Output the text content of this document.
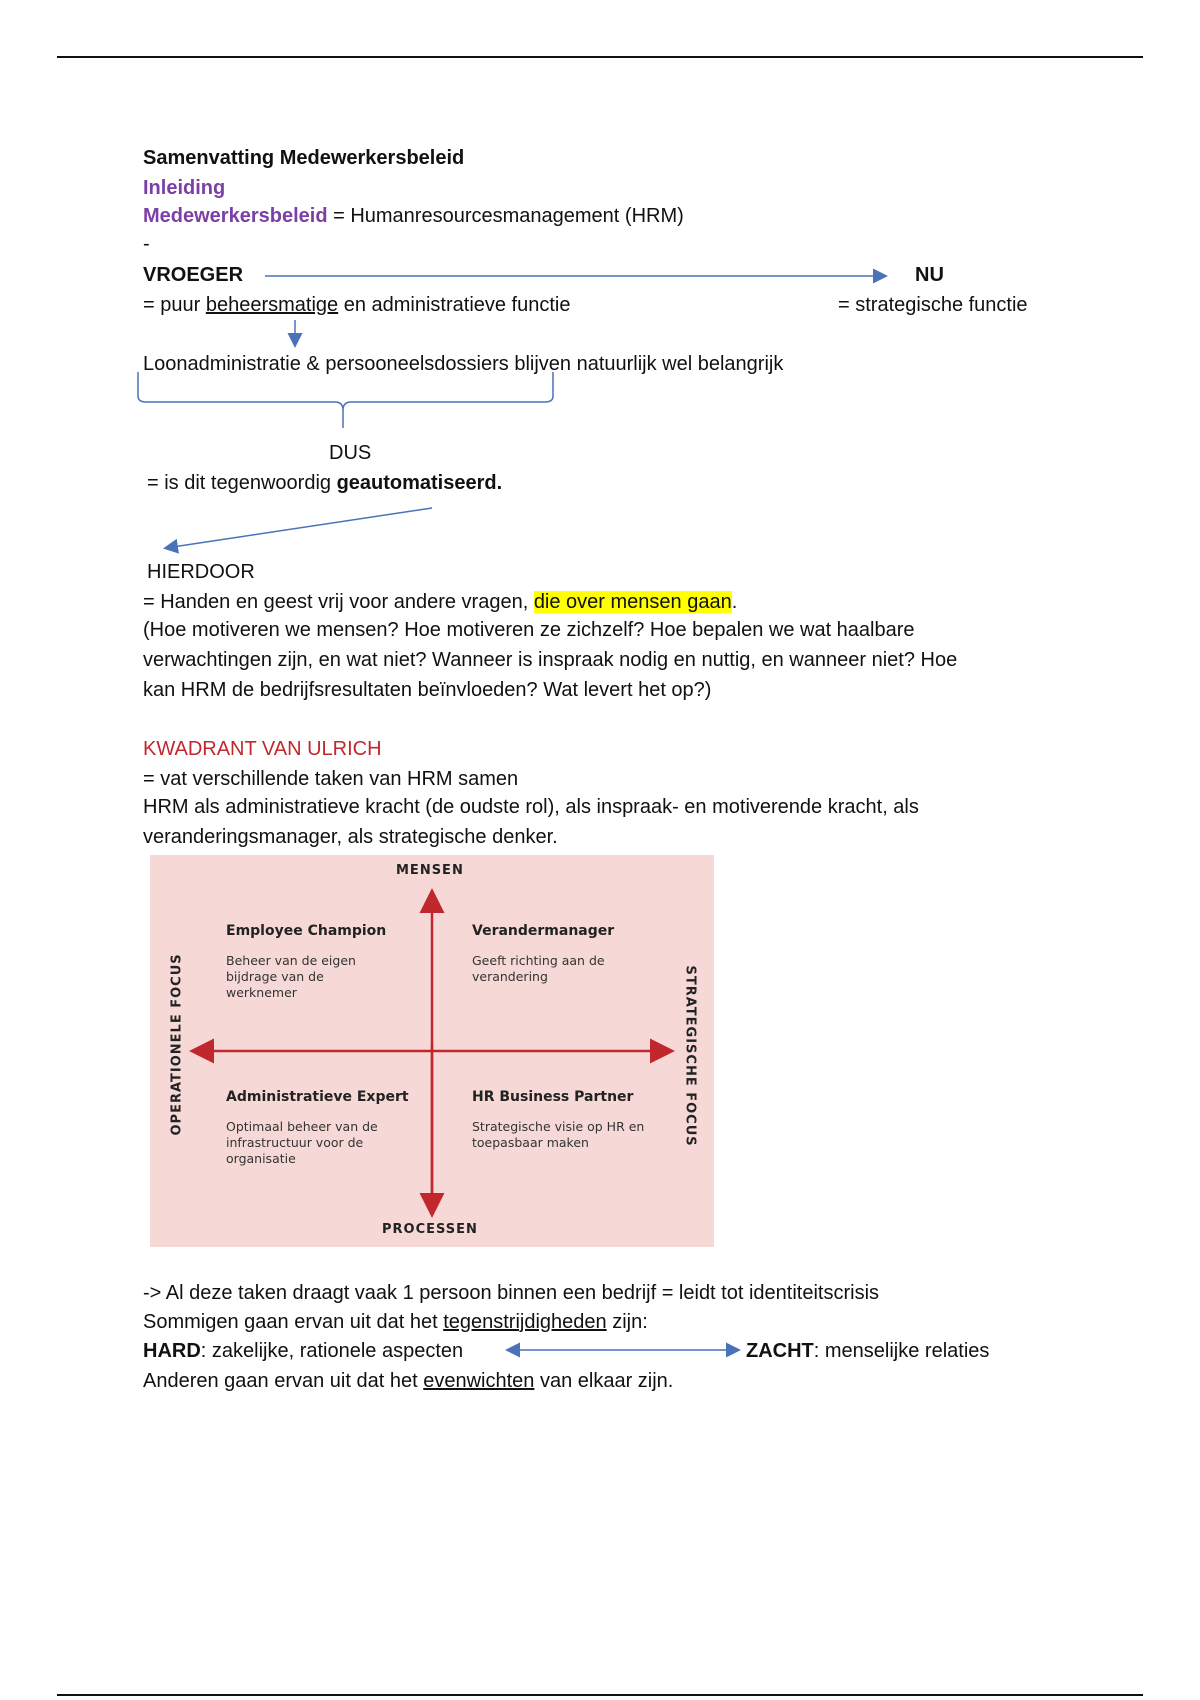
Samenvatting Medewerkersbeleid
Inleiding
Medewerkersbeleid = Humanresourcesmanagement (HRM)
-
VROEGER	NU
= puur beheersmatige en administratieve functie	= strategische functie
Loonadministratie & persooneelsdossiers blijven natuurlijk wel belangrijk
DUS
= is dit tegenwoordig geautomatiseerd.
HIERDOOR
= Handen en geest vrij voor andere vragen, die over mensen gaan.
(Hoe motiveren we mensen? Hoe motiveren ze zichzelf? Hoe bepalen we wat haalbare
verwachtingen zijn, en wat niet? Wanneer is inspraak nodig en nuttig, en wanneer niet? Hoe
kan HRM de bedrijfsresultaten beïnvloeden? Wat levert het op?)
KWADRANT VAN ULRICH
= vat verschillende taken van HRM samen
HRM als administratieve kracht (de oudste rol), als inspraak- en motiverende kracht, als
veranderingsmanager, als strategische denker.
MENSEN
PROCESSEN
OPERATIONELE FOCUS	STRATEGISCHE FOCUS
Employee Champion
Beheer van de eigen bijdrage van de werknemer
Verandermanager
Geeft richting aan de verandering
Administratieve Expert
Optimaal beheer van de infrastructuur voor de organisatie
HR Business Partner
Strategische visie op HR en toepasbaar maken
-> Al deze taken draagt vaak 1 persoon binnen een bedrijf = leidt tot identiteitscrisis
Sommigen gaan ervan uit dat het tegenstrijdigheden zijn:
HARD: zakelijke, rationele aspecten	ZACHT: menselijke relaties
Anderen gaan ervan uit dat het evenwichten van elkaar zijn.
